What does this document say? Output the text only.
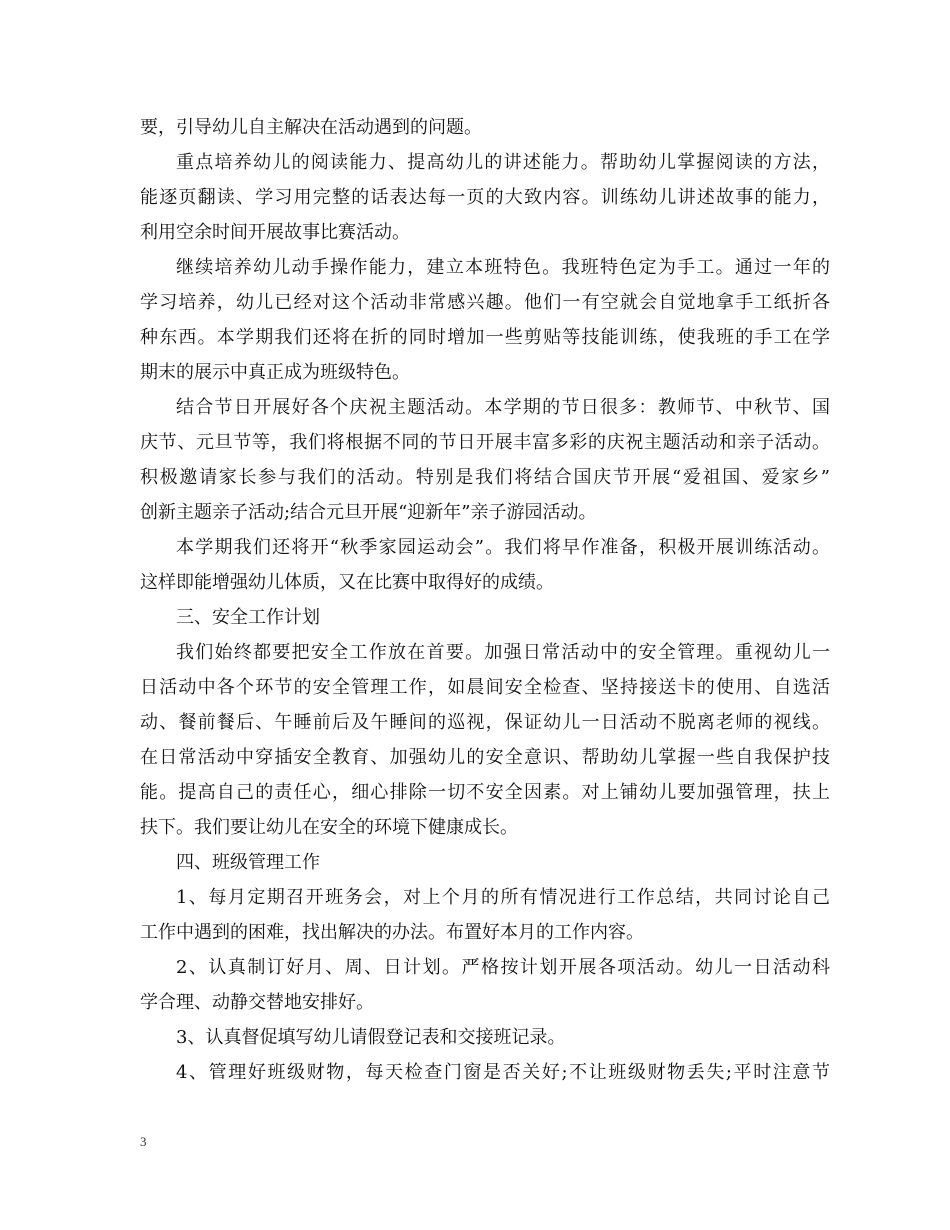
要，引导幼儿自主解决在活动遇到的问题。
重点培养幼儿的阅读能力、提高幼儿的讲述能力。帮助幼儿掌握阅读的方法，
能逐页翻读、学习用完整的话表达每一页的大致内容。训练幼儿讲述故事的能力，
利用空余时间开展故事比赛活动。
继续培养幼儿动手操作能力，建立本班特色。我班特色定为手工。通过一年的
学习培养，幼儿已经对这个活动非常感兴趣。他们一有空就会自觉地拿手工纸折各
种东西。本学期我们还将在折的同时增加一些剪贴等技能训练，使我班的手工在学
期末的展示中真正成为班级特色。
结合节日开展好各个庆祝主题活动。本学期的节日很多：教师节、中秋节、国
庆节、元旦节等，我们将根据不同的节日开展丰富多彩的庆祝主题活动和亲子活动。
积极邀请家长参与我们的活动。特别是我们将结合国庆节开展“爱祖国、爱家乡”
创新主题亲子活动;结合元旦开展“迎新年”亲子游园活动。
本学期我们还将开“秋季家园运动会”。我们将早作准备，积极开展训练活动。
这样即能增强幼儿体质，又在比赛中取得好的成绩。
三、安全工作计划
我们始终都要把安全工作放在首要。加强日常活动中的安全管理。重视幼儿一
日活动中各个环节的安全管理工作，如晨间安全检查、坚持接送卡的使用、自选活
动、餐前餐后、午睡前后及午睡间的巡视，保证幼儿一日活动不脱离老师的视线。
在日常活动中穿插安全教育、加强幼儿的安全意识、帮助幼儿掌握一些自我保护技
能。提高自己的责任心，细心排除一切不安全因素。对上铺幼儿要加强管理，扶上
扶下。我们要让幼儿在安全的环境下健康成长。
四、班级管理工作
1、每月定期召开班务会，对上个月的所有情况进行工作总结，共同讨论自己
工作中遇到的困难，找出解决的办法。布置好本月的工作内容。
2、认真制订好月、周、日计划。严格按计划开展各项活动。幼儿一日活动科
学合理、动静交替地安排好。
3、认真督促填写幼儿请假登记表和交接班记录。
4、管理好班级财物，每天检查门窗是否关好;不让班级财物丢失;平时注意节
3
